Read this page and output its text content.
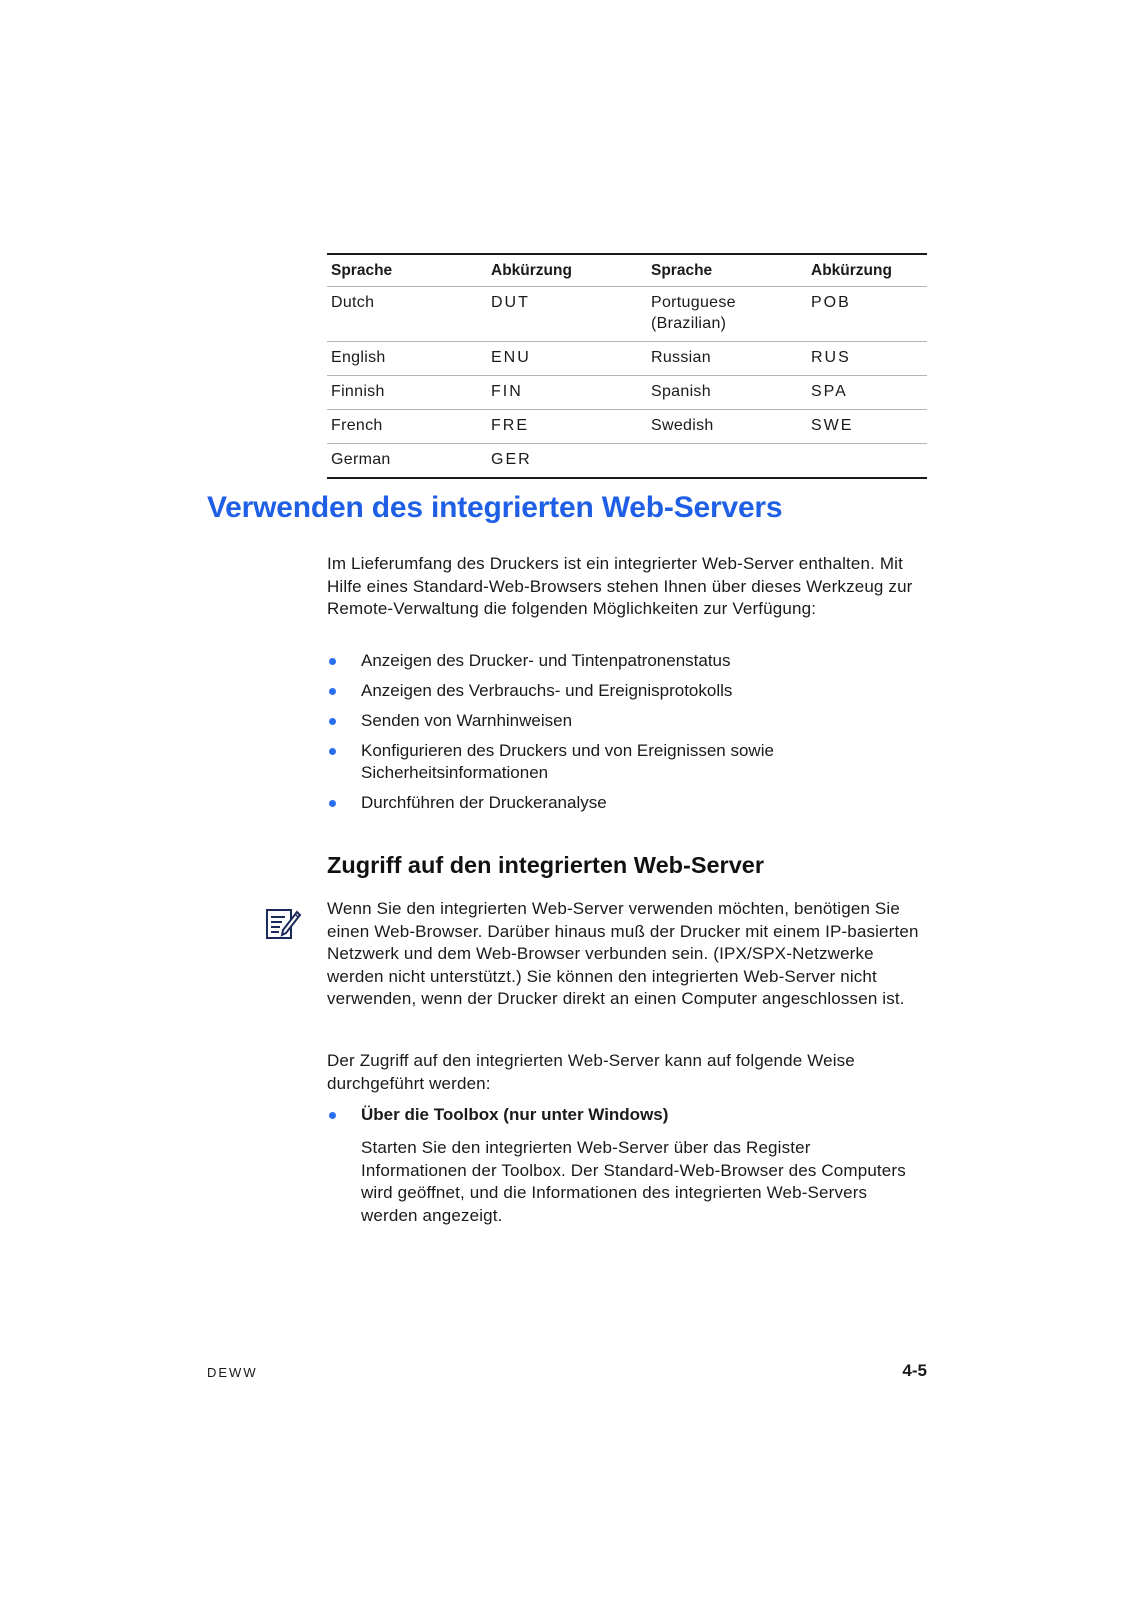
Sprache	Abkürzung	Sprache	Abkürzung
Dutch	DUT	Portuguese (Brazilian)	POB
English	ENU	Russian	RUS
Finnish	FIN	Spanish	SPA
French	FRE	Swedish	SWE
German	GER		
Verwenden des integrierten Web-Servers

Im Lieferumfang des Druckers ist ein integrierter Web-Server enthalten. Mit Hilfe eines Standard-Web-Browsers stehen Ihnen über dieses Werkzeug zur Remote-Verwaltung die folgenden Möglichkeiten zur Verfügung:

Anzeigen des Drucker- und Tintenpatronenstatus
Anzeigen des Verbrauchs- und Ereignisprotokolls
Senden von Warnhinweisen
Konfigurieren des Druckers und von Ereignissen sowie Sicherheitsinformationen
Durchführen der Druckeranalyse
Zugriff auf den integrierten Web-Server

Wenn Sie den integrierten Web-Server verwenden möchten, benötigen Sie einen Web-Browser. Darüber hinaus muß der Drucker mit einem IP-basierten Netzwerk und dem Web-Browser verbunden sein. (IPX/SPX-Netzwerke werden nicht unterstützt.) Sie können den integrierten Web-Server nicht verwenden, wenn der Drucker direkt an einen Computer angeschlossen ist.

Der Zugriff auf den integrierten Web-Server kann auf folgende Weise durchgeführt werden:

Über die Toolbox (nur unter Windows)

Starten Sie den integrierten Web-Server über das Register Informationen der Toolbox. Der Standard-Web-Browser des Computers wird geöffnet, und die Informationen des integrierten Web-Servers werden angezeigt.

DEWW	4-5
